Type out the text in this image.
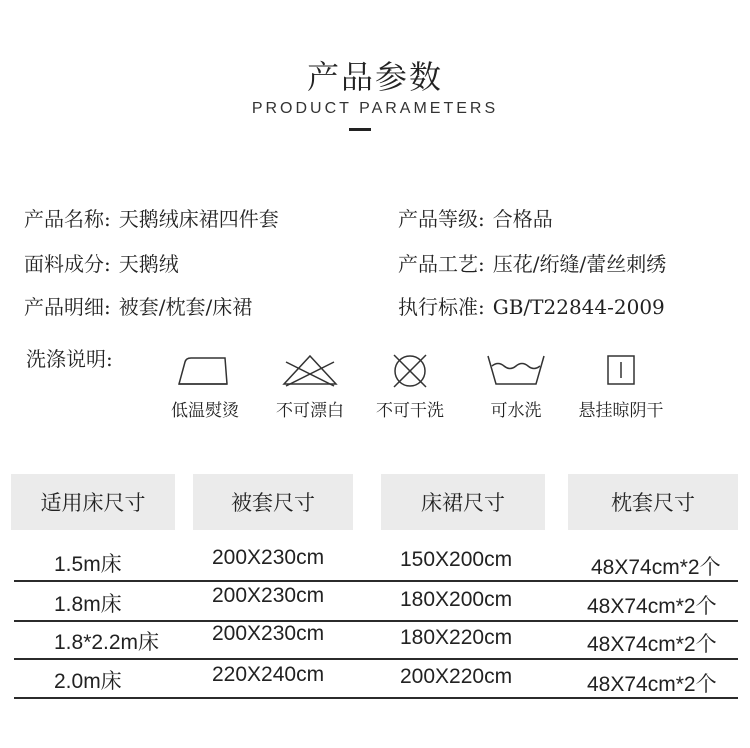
产品参数
PRODUCT PARAMETERS
产品名称: 天鹅绒床裙四件套	产品等级: 合格品
面料成分: 天鹅绒	产品工艺: 压花/绗缝/蕾丝刺绣
产品明细: 被套/枕套/床裙	执行标准: GB/T22844-2009
洗涤说明:
低温熨烫	不可漂白	不可干洗	可水洗	悬挂晾阴干
适用床尺寸	被套尺寸	床裙尺寸	枕套尺寸
1.5m床	200X230cm	150X200cm	48X74cm*2个
1.8m床	200X230cm	180X200cm	48X74cm*2个
1.8*2.2m床	200X230cm	180X220cm	48X74cm*2个
2.0m床	220X240cm	200X220cm	48X74cm*2个
